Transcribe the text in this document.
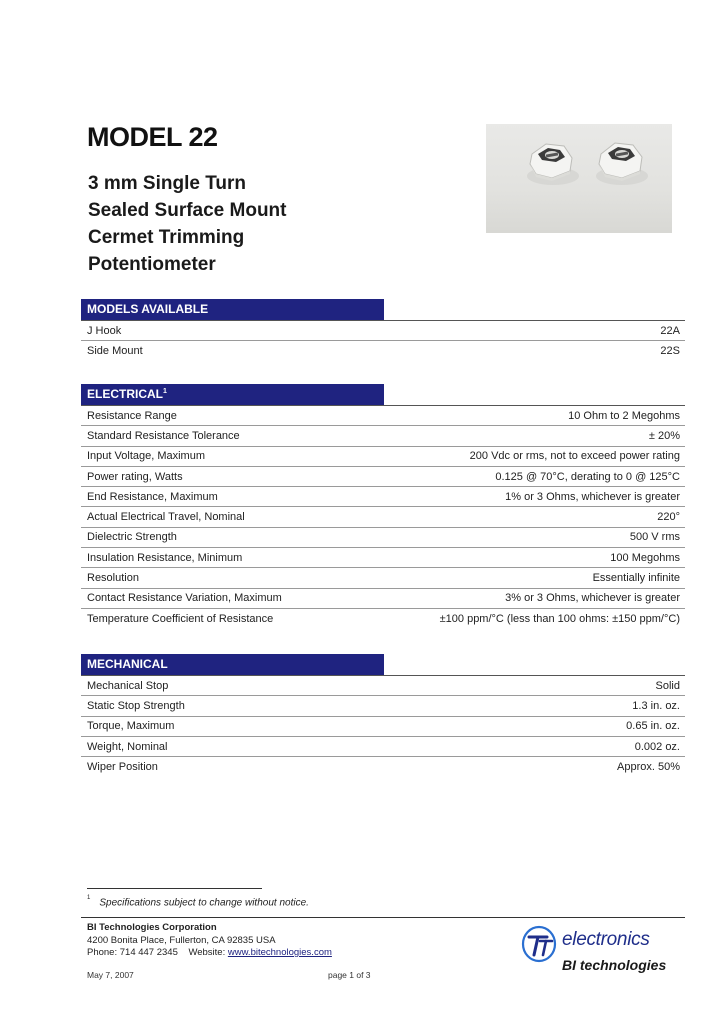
MODEL 22
3 mm Single Turn
Sealed Surface Mount
Cermet Trimming
Potentiometer
MODELS AVAILABLE
J Hook	22A
Side Mount	22S
ELECTRICAL$^1$
Resistance Range	10 Ohm to 2 Megohms
Standard Resistance Tolerance	± 20%
Input Voltage, Maximum	200 Vdc or rms, not to exceed power rating
Power rating, Watts	0.125 @ 70°C, derating to 0 @ 125°C
End Resistance, Maximum	1% or 3 Ohms, whichever is greater
Actual Electrical Travel, Nominal	220°
Dielectric Strength	500 V rms
Insulation Resistance, Minimum	100 Megohms
Resolution	Essentially infinite
Contact Resistance Variation, Maximum	3% or 3 Ohms, whichever is greater
Temperature Coefficient of Resistance	±100 ppm/°C (less than 100 ohms: ±150 ppm/°C)
MECHANICAL
Mechanical Stop	Solid
Static Stop Strength	1.3 in. oz.
Torque, Maximum	0.65 in. oz.
Weight, Nominal	0.002 oz.
Wiper Position	Approx. 50%
$^1$ Specifications subject to change without notice.
BI Technologies Corporation
4200 Bonita Place, Fullerton, CA 92835 USA
Phone: 714 447 2345 Website: www.bitechnologies.com
May 7, 2007	page 1 of 3
electronics
BI technologies
